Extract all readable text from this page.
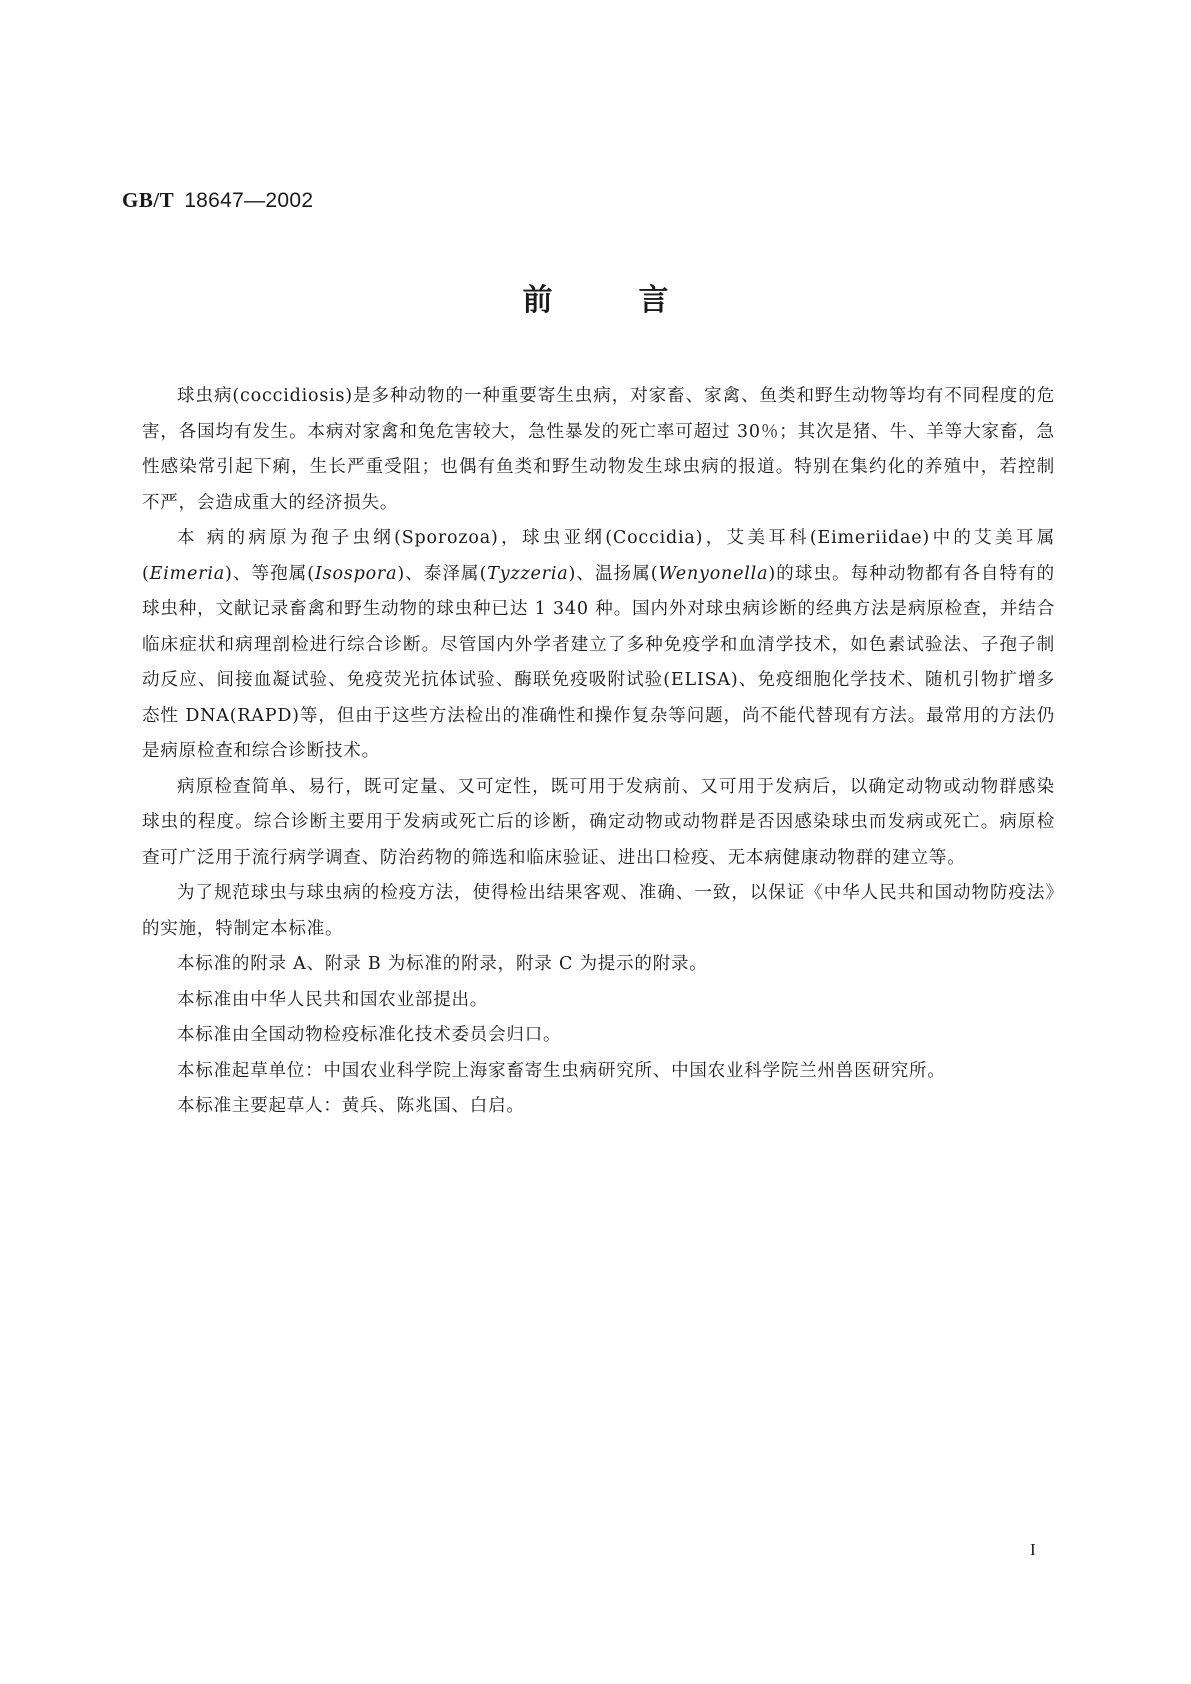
GB/T 18647—2002
前	言

球虫病(coccidiosis)是多种动物的一种重要寄生虫病，对家畜、家禽、鱼类和野生动物等均有不同程度的危害，各国均有发生。本病对家禽和兔危害较大，急性暴发的死亡率可超过 30％；其次是猪、牛、羊等大家畜，急性感染常引起下痢，生长严重受阻；也偶有鱼类和野生动物发生球虫病的报道。特别在集约化的养殖中，若控制不严，会造成重大的经济损失。

本 病的病原为孢子虫纲(Sporozoa)，球虫亚纲(Coccidia)，艾美耳科(Eimeriidae)中的艾美耳属(Eimeria)、等孢属(Isospora)、泰泽属(Tyzzeria)、温扬属(Wenyonella)的球虫。每种动物都有各自特有的球虫种，文献记录畜禽和野生动物的球虫种已达 1 340 种。国内外对球虫病诊断的经典方法是病原检查，并结合临床症状和病理剖检进行综合诊断。尽管国内外学者建立了多种免疫学和血清学技术，如色素试验法、子孢子制动反应、间接血凝试验、免疫荧光抗体试验、酶联免疫吸附试验(ELISA)、免疫细胞化学技术、随机引物扩增多态性 DNA(RAPD)等，但由于这些方法检出的准确性和操作复杂等问题，尚不能代替现有方法。最常用的方法仍是病原检查和综合诊断技术。

病原检查简单、易行，既可定量、又可定性，既可用于发病前、又可用于发病后，以确定动物或动物群感染球虫的程度。综合诊断主要用于发病或死亡后的诊断，确定动物或动物群是否因感染球虫而发病或死亡。病原检查可广泛用于流行病学调查、防治药物的筛选和临床验证、进出口检疫、无本病健康动物群的建立等。

为了规范球虫与球虫病的检疫方法，使得检出结果客观、准确、一致，以保证《中华人民共和国动物防疫法》的实施，特制定本标准。

本标准的附录 A、附录 B 为标准的附录，附录 C 为提示的附录。

本标准由中华人民共和国农业部提出。

本标准由全国动物检疫标准化技术委员会归口。

本标准起草单位：中国农业科学院上海家畜寄生虫病研究所、中国农业科学院兰州兽医研究所。

本标准主要起草人：黄兵、陈兆国、白启。

I
